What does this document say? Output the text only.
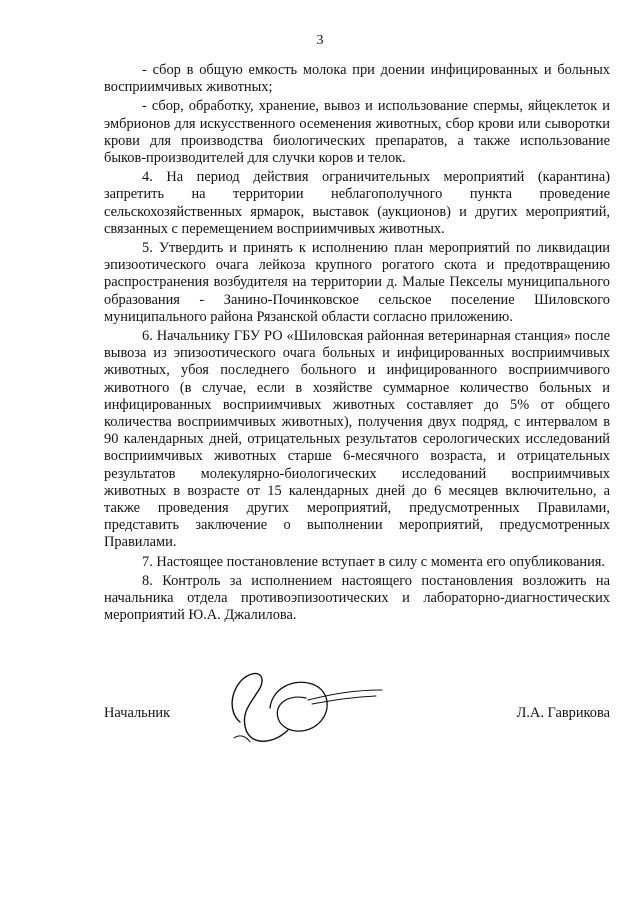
3

- сбор в общую емкость молока при доении инфицированных и больных восприимчивых животных;

- сбор, обработку, хранение, вывоз и использование спермы, яйцеклеток и эмбрионов для искусственного осеменения животных, сбор крови или сыворотки крови для производства биологических препаратов, а также использование быков-производителей для случки коров и телок.

4. На период действия ограничительных мероприятий (карантина) запретить на территории неблагополучного пункта проведение сельскохозяйственных ярмарок, выставок (аукционов) и других мероприятий, связанных с перемещением восприимчивых животных.

5. Утвердить и принять к исполнению план мероприятий по ликвидации эпизоотического очага лейкоза крупного рогатого скота и предотвращению распространения возбудителя на территории д. Малые Пекселы муниципального образования - Занино-Починковское сельское поселение Шиловского муниципального района Рязанской области согласно приложению.

6. Начальнику ГБУ РО «Шиловская районная ветеринарная станция» после вывоза из эпизоотического очага больных и инфицированных восприимчивых животных, убоя последнего больного и инфицированного восприимчивого животного (в случае, если в хозяйстве суммарное количество больных и инфицированных восприимчивых животных составляет до 5% от общего количества восприимчивых животных), получения двух подряд, с интервалом в 90 календарных дней, отрицательных результатов серологических исследований восприимчивых животных старше 6-месячного возраста, и отрицательных результатов молекулярно-биологических исследований восприимчивых животных в возрасте от 15 календарных дней до 6 месяцев включительно, а также проведения других мероприятий, предусмотренных Правилами, представить заключение о выполнении мероприятий, предусмотренных Правилами.

7. Настоящее постановление вступает в силу с момента его опубликования.

8. Контроль за исполнением настоящего постановления возложить на начальника отдела противоэпизоотических и лабораторно-диагностических мероприятий Ю.А. Джалилова.

Начальник	Л.А. Гаврикова
